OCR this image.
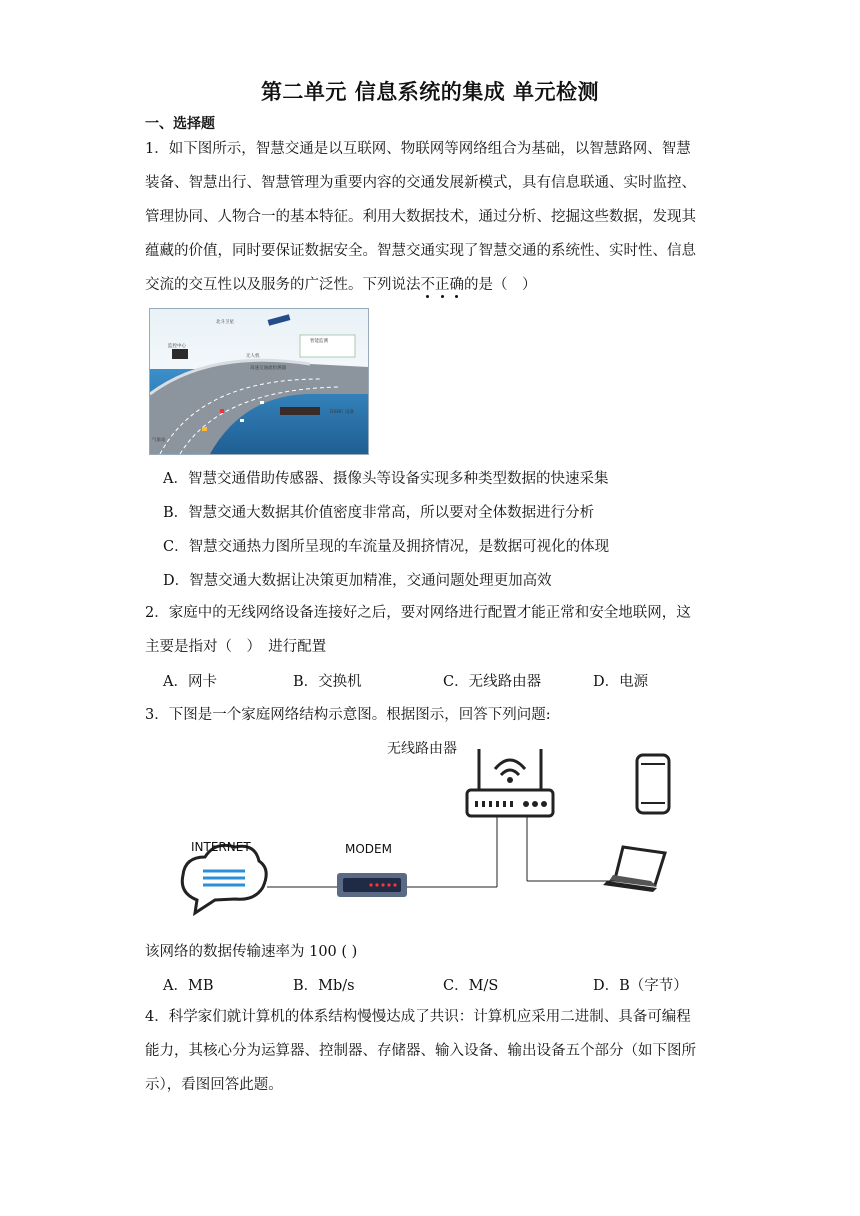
第二单元 信息系统的集成 单元检测
一、选择题
1．如下图所示，智慧交通是以互联网、物联网等网络组合为基础，以智慧路网、智慧
装备、智慧出行、智慧管理为重要内容的交通发展新模式，具有信息联通、实时监控、
管理协同、人物合一的基本特征。利用大数据技术，通过分析、挖掘这些数据，发现其
蕴藏的价值，同时要保证数据安全。智慧交通实现了智慧交通的系统性、实时性、信息
交流的交互性以及服务的广泛性。下列说法不正确的是（　）
北斗卫星
监控中心
无人机
智能监测
高速交通流检测器
DSRC 设备
气象站
A．智慧交通借助传感器、摄像头等设备实现多种类型数据的快速采集
B．智慧交通大数据其价值密度非常高，所以要对全体数据进行分析
C．智慧交通热力图所呈现的车流量及拥挤情况，是数据可视化的体现
D．智慧交通大数据让决策更加精准，交通问题处理更加高效
2．家庭中的无线网络设备连接好之后，要对网络进行配置才能正常和安全地联网，这
主要是指对（　）　进行配置
A．网卡	B．交换机	C．无线路由器	D．电源
3．下图是一个家庭网络结构示意图。根据图示，回答下列问题:
无线路由器
INTERNET	MODEM
该网络的数据传输速率为 100 ( )
A．MB	B．Mb/s	C．M/S	D．B（字节）
4．科学家们就计算机的体系结构慢慢达成了共识：计算机应采用二进制、具备可编程
能力，其核心分为运算器、控制器、存储器、输入设备、输出设备五个部分（如下图所
示），看图回答此题。
